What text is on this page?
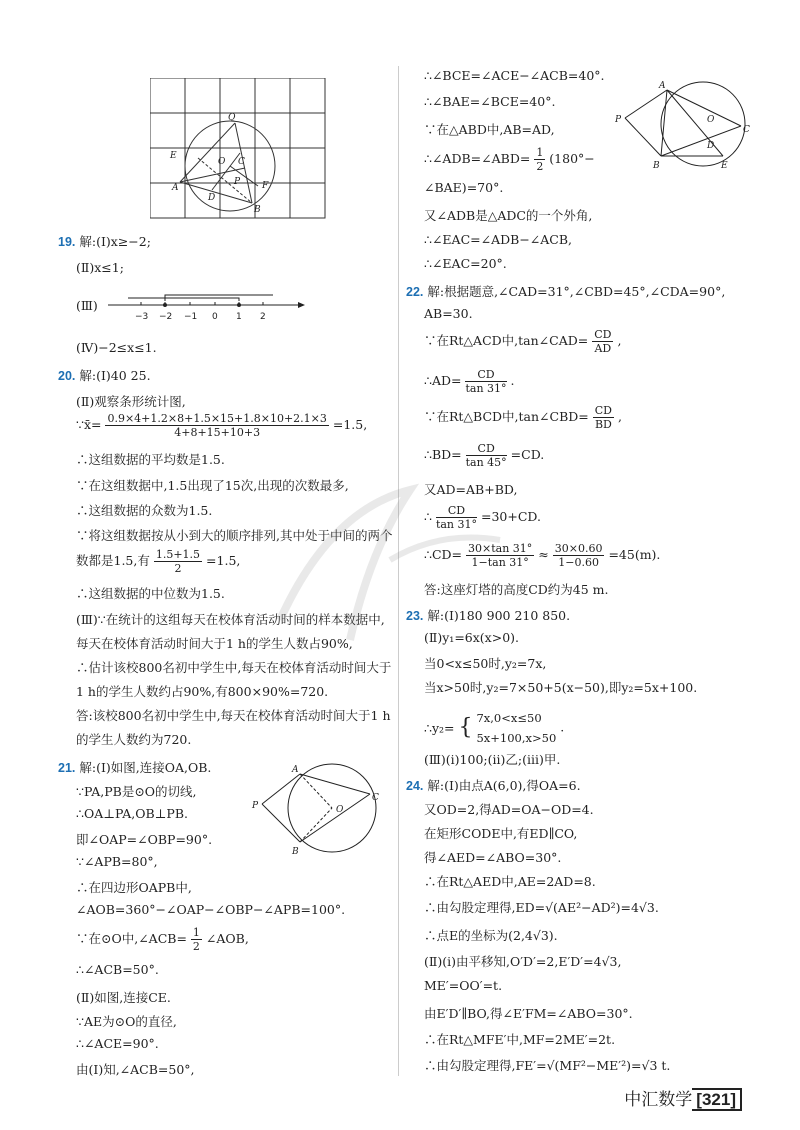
Q
E
C
O
P F
A
D
B
19. 解:(Ⅰ)x≥−2;
(Ⅱ)x≤1;
(Ⅲ)
−3 −2 −1 0 1 2
(Ⅳ)−2≤x≤1.
20. 解:(Ⅰ)40 25.
(Ⅱ)观察条形统计图,
∵x̄= $\frac{0.9\times 4+1.2\times 8+1.5\times 15+1.8\times 10+2.1\times 3}{4+8+15+10+3} =1.5$,
∴这组数据的平均数是1.5.
∵在这组数据中,1.5出现了15次,出现的次数最多,
∴这组数据的众数为1.5.
∵将这组数据按从小到大的顺序排列,其中处于中间的两个
数都是1.5,有 $\frac{1.5+1.5}{2} =1.5$,
∴这组数据的中位数为1.5.
(Ⅲ)∵在统计的这组每天在校体育活动时间的样本数据中,
每天在校体育活动时间大于1 h的学生人数占90%,
∴估计该校800名初中学生中,每天在校体育活动时间大于
1 h的学生人数约占90%,有800×90%=720.
答:该校800名初中学生中,每天在校体育活动时间大于1 h
的学生人数约为720.
21. 解:(Ⅰ)如图,连接OA,OB.
∵PA,PB是⊙O的切线,
∴OA⊥PA,OB⊥PB.
即∠OAP=∠OBP=90°.
∵∠APB=80°,
∴在四边形OAPB中,
∠AOB=360°−∠OAP−∠OBP−∠APB=100°.
∵在⊙O中,∠ACB= $\frac{1}{2}$ ∠AOB,
∴∠ACB=50°.
(Ⅱ)如图,连接CE.
∵AE为⊙O的直径,
∴∠ACE=90°.
由(Ⅰ)知,∠ACB=50°,
A
P	O
C
B
∴∠BCE=∠ACE−∠ACB=40°.
∴∠BAE=∠BCE=40°.
∵在△ABD中,AB=AD,
∴∠ADB=∠ABD= $\frac{1}{2} (180^\circ-$
∠BAE)=70°.
又∠ADB是△ADC的一个外角,
∴∠EAC=∠ADB−∠ACB,
∴∠EAC=20°.
A
P	O
C
E
D
B
22. 解:根据题意,∠CAD=31°,∠CBD=45°,∠CDA=90°,
AB=30.
∵在Rt△ACD中,tan∠CAD= $\frac{CD}{AD}$ ,
∴AD= $\frac{CD}{\tan 31^\circ}$ .
∵在Rt△BCD中,tan∠CBD= $\frac{CD}{BD}$ ,
∴BD= $\frac{CD}{\tan 45^\circ} =CD$.
又AD=AB+BD,
∴ $\frac{CD}{\tan 31^\circ} =30+CD$.
∴CD= $\frac{30\times\tan 31^\circ}{1-\tan 31^\circ} \approx \frac{30\times 0.60}{1-0.60} =45(m)$.
答:这座灯塔的高度CD约为45 m.
23. 解:(Ⅰ)180 900 210 850.
(Ⅱ)y₁=6x(x>0).
当0<x≤50时,y₂=7x,
当x>50时,y₂=7×50+5(x−50),即y₂=5x+100.
∴y₂= { 7x,0<x≤50
5x+100,x>50
.
(Ⅲ)(ⅰ)100;(ⅱ)乙;(ⅲ)甲.
24. 解:(Ⅰ)由点A(6,0),得OA=6.
又OD=2,得AD=OA−OD=4.
在矩形CODE中,有ED∥CO,
得∠AED=∠ABO=30°.
∴在Rt△AED中,AE=2AD=8.
∴由勾股定理得,ED=√(AE²−AD²)=4√3.
∴点E的坐标为(2,4√3).
(Ⅱ)(ⅰ)由平移知,O′D′=2,E′D′=4√3,
ME′=OO′=t.
由E′D′∥BO,得∠E′FM=∠ABO=30°.
∴在Rt△MFE′中,MF=2ME′=2t.
∴由勾股定理得,FE′=√(MF²−ME′²)=√3 t.
中汇数学 [321]
